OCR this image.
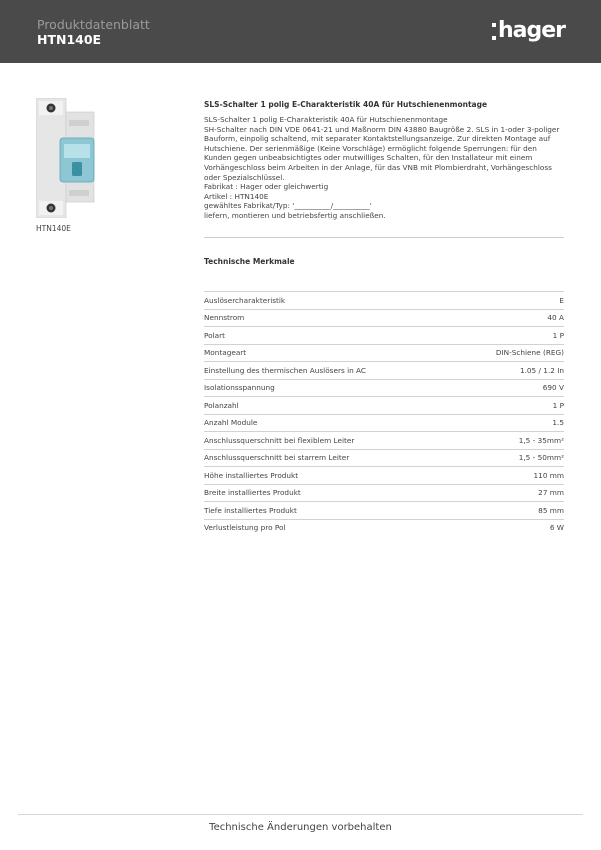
Produktdatenblatt
HTN140E	hager
HTN140E
SLS-Schalter 1 polig E-Charakteristik 40A für Hutschienenmontage

SLS-Schalter 1 polig E-Charakteristik 40A für Hutschienenmontage

SH-Schalter nach DIN VDE 0641-21 und Maßnorm DIN 43880 Baugröße 2. SLS in 1-oder 3-poliger

Bauform, einpolig schaltend, mit separater Kontaktstellungsanzeige. Zur direkten Montage auf

Hutschiene. Der serienmäßige (Keine Vorschläge) ermöglicht folgende Sperrungen: für den

Kunden gegen unbeabsichtigtes oder mutwilliges Schalten, für den Installateur mit einem

Vorhängeschloss beim Arbeiten in der Anlage, für das VNB mit Plombierdraht, Vorhängeschloss

oder Spezialschlüssel.

Fabrikat : Hager oder gleichwertig

Artikel : HTN140E

gewähltes Fabrikat/Typ: '__________/__________'

liefern, montieren und betriebsfertig anschließen.

Technische Merkmale
Auslösercharakteristik	E
Nennstrom	40 A
Polart	1 P
Montageart	DIN-Schiene (REG)
Einstellung des thermischen Auslösers in AC	1.05 / 1.2 In
Isolationsspannung	690 V
Polanzahl	1 P
Anzahl Module	1.5
Anschlussquerschnitt bei flexiblem Leiter	1,5 - 35mm²
Anschlussquerschnitt bei starrem Leiter	1,5 - 50mm²
Höhe installiertes Produkt	110 mm
Breite installiertes Produkt	27 mm
Tiefe installiertes Produkt	85 mm
Verlustleistung pro Pol	6 W
Technische Änderungen vorbehalten
